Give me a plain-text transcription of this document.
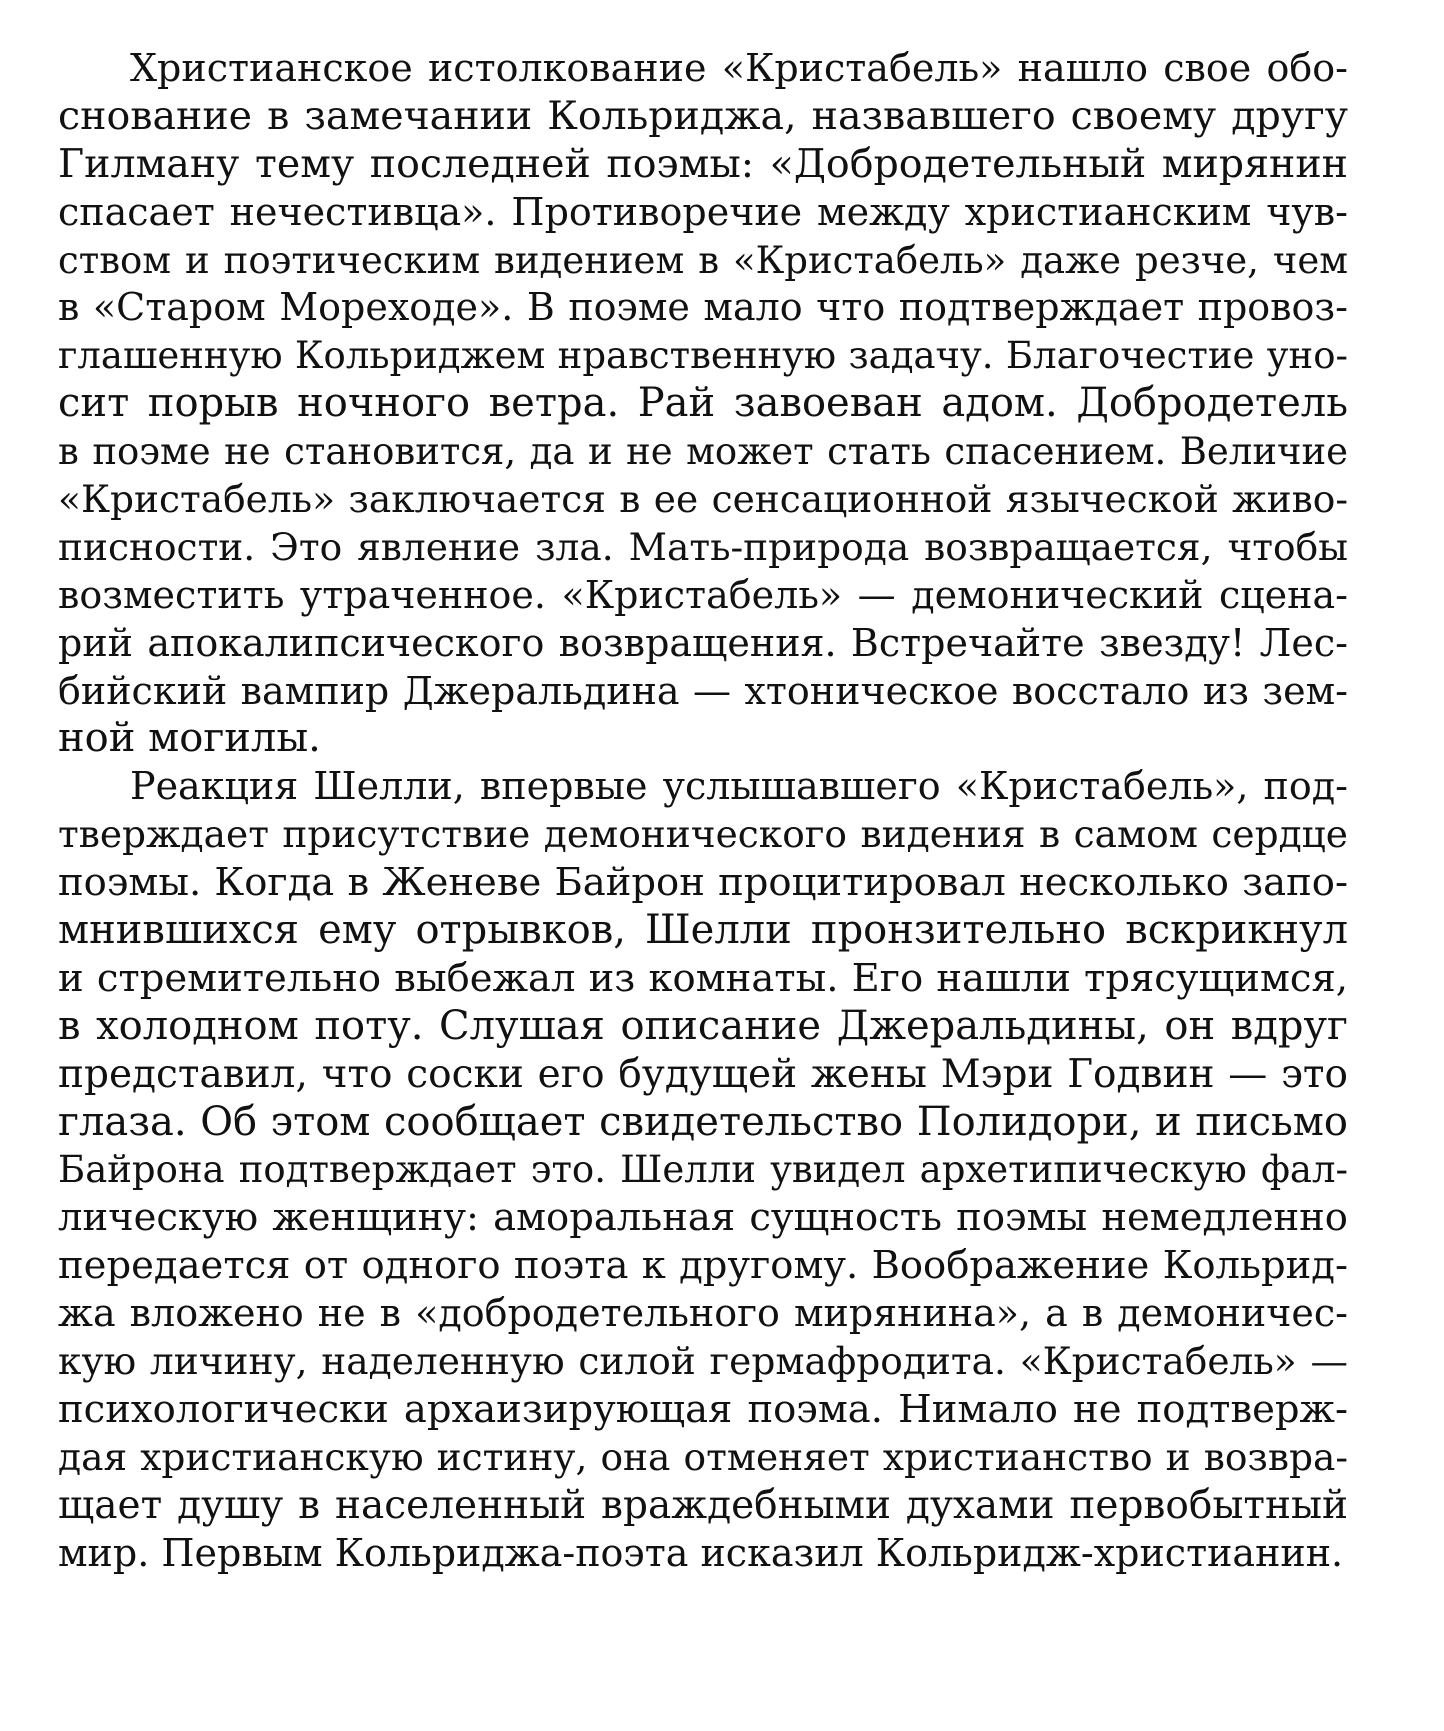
Христианское истолкование «Кристабель» нашло свое обо-
снование в замечании Кольриджа, назвавшего своему другу
Гилману тему последней поэмы: «Добродетельный мирянин
спасает нечестивца». Противоречие между христианским чув-
ством и поэтическим видением в «Кристабель» даже резче, чем
в «Старом Мореходе». В поэме мало что подтверждает провоз-
глашенную Кольриджем нравственную задачу. Благочестие уно-
сит порыв ночного ветра. Рай завоеван адом. Добродетель
в поэме не становится, да и не может стать спасением. Величие
«Кристабель» заключается в ее сенсационной языческой живо-
писности. Это явление зла. Мать-природа возвращается, чтобы
возместить утраченное. «Кристабель» — демонический сцена-
рий апокалипсического возвращения. Встречайте звезду! Лес-
бийский вампир Джеральдина — хтоническое восстало из зем-
ной могилы.
Реакция Шелли, впервые услышавшего «Кристабель», под-
тверждает присутствие демонического видения в самом сердце
поэмы. Когда в Женеве Байрон процитировал несколько запо-
мнившихся ему отрывков, Шелли пронзительно вскрикнул
и стремительно выбежал из комнаты. Его нашли трясущимся,
в холодном поту. Слушая описание Джеральдины, он вдруг
представил, что соски его будущей жены Мэри Годвин — это
глаза. Об этом сообщает свидетельство Полидори, и письмо
Байрона подтверждает это. Шелли увидел архетипическую фал-
лическую женщину: аморальная сущность поэмы немедленно
передается от одного поэта к другому. Воображение Кольрид-
жа вложено не в «добродетельного мирянина», а в демоничес-
кую личину, наделенную силой гермафродита. «Кристабель» —
психологически архаизирующая поэма. Нимало не подтверж-
дая христианскую истину, она отменяет христианство и возвра-
щает душу в населенный враждебными духами первобытный
мир. Первым Кольриджа-поэта исказил Кольридж-христианин.
